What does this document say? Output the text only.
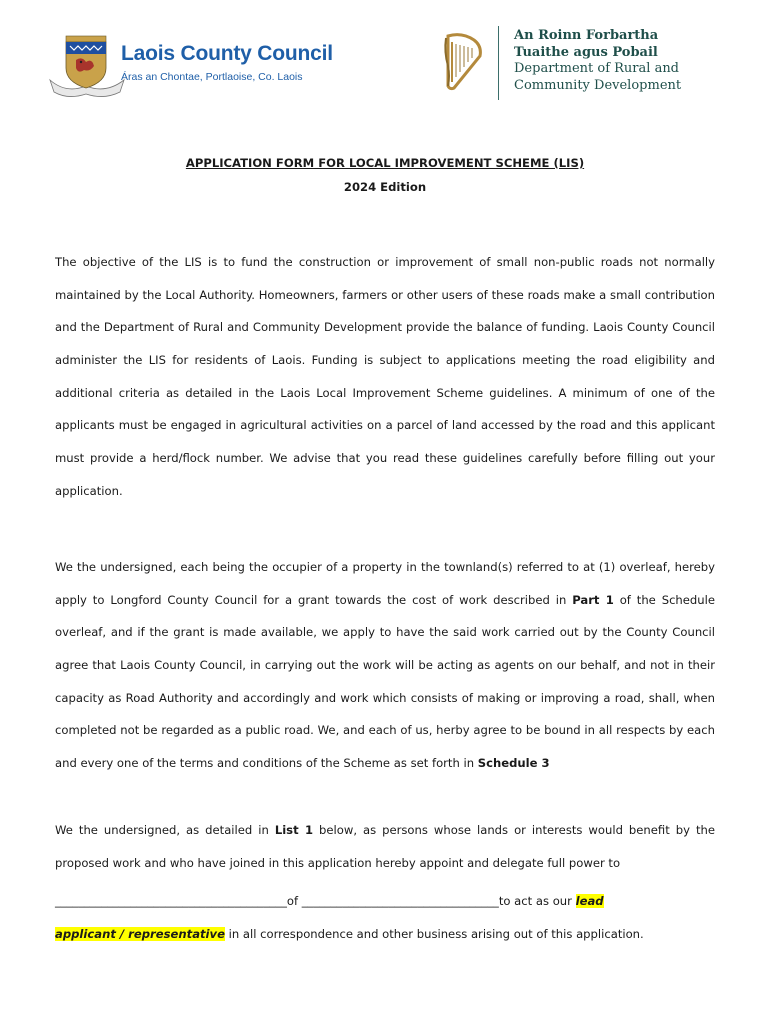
Laois County Council
Áras an Chontae, Portlaoise, Co. Laois
An Roinn Forbartha
Tuaithe agus Pobail
Department of Rural and
Community Development
APPLICATION FORM FOR LOCAL IMPROVEMENT SCHEME (LIS)
2024 Edition
The objective of the LIS is to fund the construction or improvement of small non-public roads not normally
maintained by the Local Authority. Homeowners, farmers or other users of these roads make a small contribution
and the Department of Rural and Community Development provide the balance of funding. Laois County Council
administer the LIS for residents of Laois. Funding is subject to applications meeting the road eligibility and
additional criteria as detailed in the Laois Local Improvement Scheme guidelines. A minimum of one of the
applicants must be engaged in agricultural activities on a parcel of land accessed by the road and this applicant
must provide a herd/flock number. We advise that you read these guidelines carefully before filling out your
application.
We the undersigned, each being the occupier of a property in the townland(s) referred to at (1) overleaf, hereby
apply to Longford County Council for a grant towards the cost of work described in Part 1 of the Schedule
overleaf, and if the grant is made available, we apply to have the said work carried out by the County Council
agree that Laois County Council, in carrying out the work will be acting as agents on our behalf, and not in their
capacity as Road Authority and accordingly and work which consists of making or improving a road, shall, when
completed not be regarded as a public road. We, and each of us, herby agree to be bound in all respects by each
and every one of the terms and conditions of the Scheme as set forth in Schedule 3
We the undersigned, as detailed in List 1 below, as persons whose lands or interests would benefit by the
proposed work and who have joined in this application hereby appoint and delegate full power to
________________________________________of __________________________________to act as our lead
applicant / representative in all correspondence and other business arising out of this application.
